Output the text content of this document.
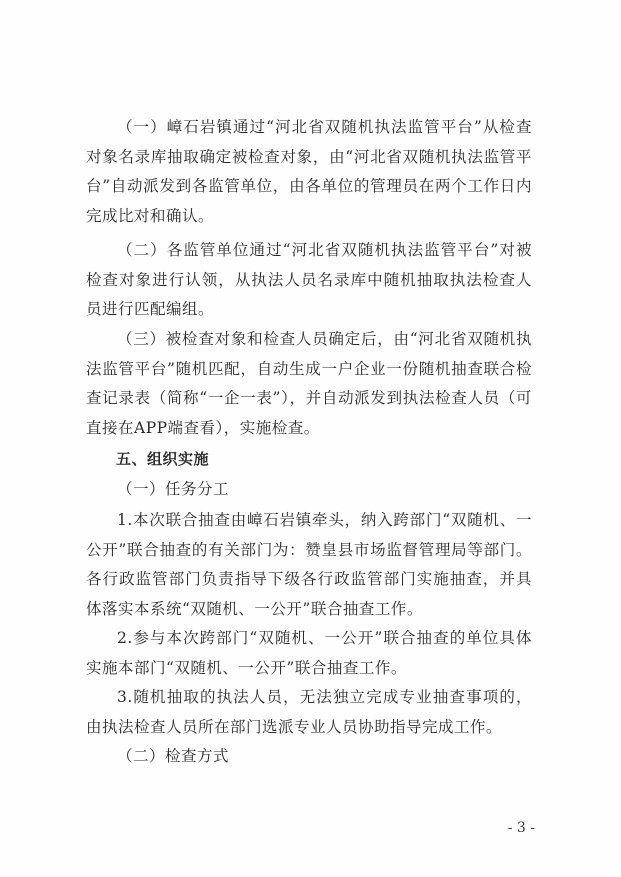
（一）嶂石岩镇通过“河北省双随机执法监管平台”从检查对象名录库抽取确定被检查对象，由“河北省双随机执法监管平台”自动派发到各监管单位，由各单位的管理员在两个工作日内完成比对和确认。

（二）各监管单位通过“河北省双随机执法监管平台”对被检查对象进行认领，从执法人员名录库中随机抽取执法检查人员进行匹配编组。

（三）被检查对象和检查人员确定后，由“河北省双随机执法监管平台”随机匹配，自动生成一户企业一份随机抽查联合检查记录表（简称“一企一表”），并自动派发到执法检查人员（可直接在APP端查看），实施检查。

五、组织实施

（一）任务分工

1.本次联合抽查由嶂石岩镇牵头，纳入跨部门“双随机、一公开”联合抽查的有关部门为：赞皇县市场监督管理局等部门。各行政监管部门负责指导下级各行政监管部门实施抽查，并具体落实本系统“双随机、一公开”联合抽查工作。

2.参与本次跨部门“双随机、一公开”联合抽查的单位具体实施本部门“双随机、一公开”联合抽查工作。

3.随机抽取的执法人员，无法独立完成专业抽查事项的，由执法检查人员所在部门选派专业人员协助指导完成工作。

（二）检查方式

- 3 -
